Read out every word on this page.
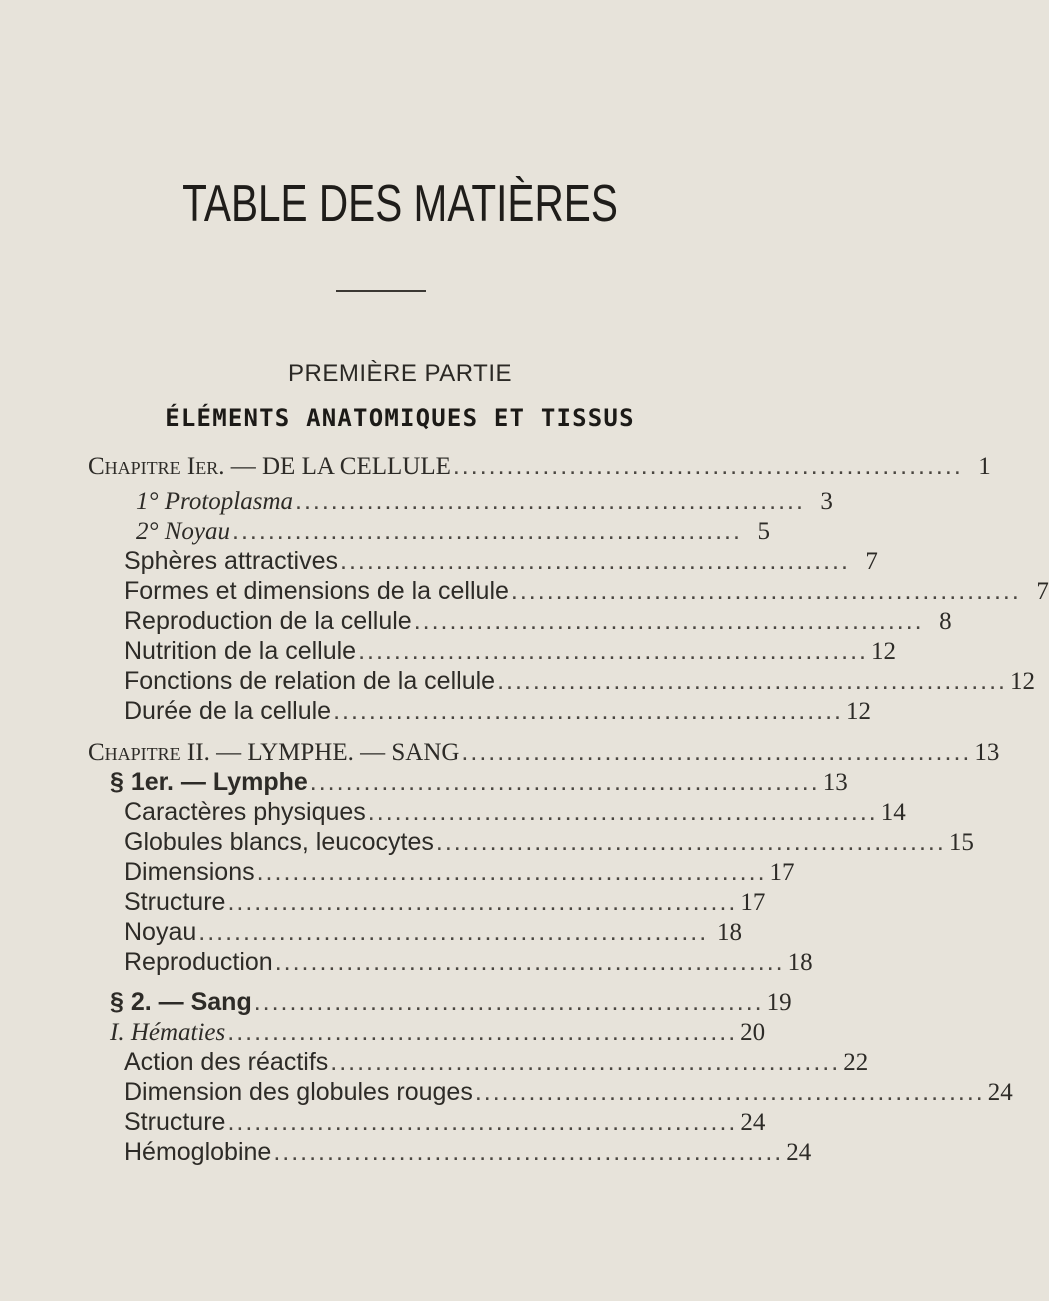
TABLE DES MATIÈRES
PREMIÈRE PARTIE
ÉLÉMENTS ANATOMIQUES ET TISSUS
Chapitre Ier. — DE LA CELLULE ......................................................... 1
1° Protoplasma ......................................................... 3
2° Noyau ......................................................... 5
Sphères attractives ......................................................... 7
Formes et dimensions de la cellule ......................................................... 7
Reproduction de la cellule ......................................................... 8
Nutrition de la cellule ......................................................... 12
Fonctions de relation de la cellule ......................................................... 12
Durée de la cellule ......................................................... 12
Chapitre II. — LYMPHE. — SANG ......................................................... 13
§ 1er. — Lymphe ......................................................... 13
Caractères physiques ......................................................... 14
Globules blancs, leucocytes ......................................................... 15
Dimensions ......................................................... 17
Structure ......................................................... 17
Noyau ......................................................... 18
Reproduction ......................................................... 18
§ 2. — Sang ......................................................... 19
I. Hématies ......................................................... 20
Action des réactifs ......................................................... 22
Dimension des globules rouges ......................................................... 24
Structure ......................................................... 24
Hémoglobine ......................................................... 24
